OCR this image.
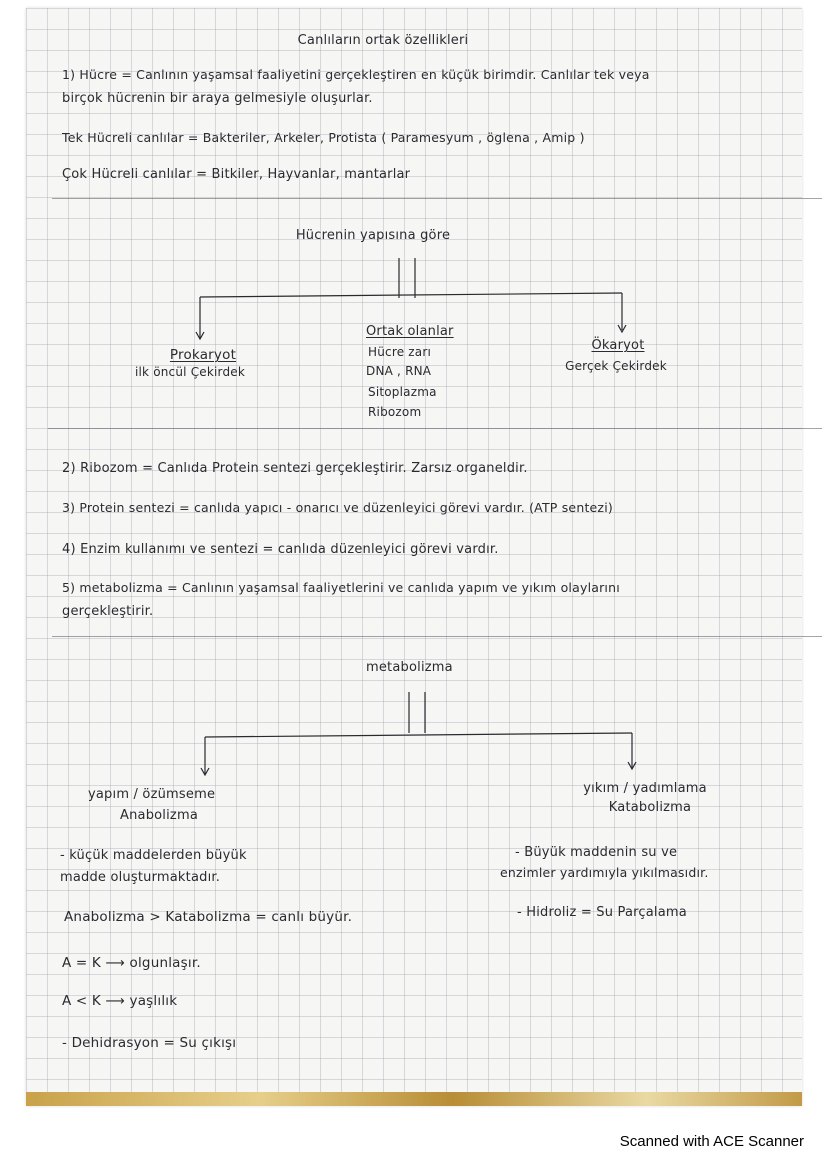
Canlıların ortak özellikleri
1) Hücre = Canlının yaşamsal faaliyetini gerçekleştiren en küçük birimdir. Canlılar tek veya
birçok hücrenin bir araya gelmesiyle oluşurlar.
Tek Hücreli canlılar = Bakteriler, Arkeler, Protista ( Paramesyum , öglena , Amip )
Çok Hücreli canlılar = Bitkiler, Hayvanlar, mantarlar
Hücrenin yapısına göre
Prokaryot
ilk öncül Çekirdek
Ortak olanlar
Hücre zarı
DNA , RNA
Sitoplazma
Ribozom
Ökaryot
Gerçek Çekirdek
2) Ribozom = Canlıda Protein sentezi gerçekleştirir. Zarsız organeldir.
3) Protein sentezi = canlıda yapıcı - onarıcı ve düzenleyici görevi vardır. (ATP sentezi)
4) Enzim kullanımı ve sentezi = canlıda düzenleyici görevi vardır.
5) metabolizma = Canlının yaşamsal faaliyetlerini ve canlıda yapım ve yıkım olaylarını
gerçekleştirir.
metabolizma
yapım / özümseme
Anabolizma
yıkım / yadımlama
Katabolizma
- küçük maddelerden büyük
madde oluşturmaktadır.
Anabolizma > Katabolizma = canlı büyür.
A = K ⟶ olgunlaşır.
A < K ⟶ yaşlılık
- Dehidrasyon = Su çıkışı
- Büyük maddenin su ve
enzimler yardımıyla yıkılmasıdır.
- Hidroliz = Su Parçalama
Scanned with ACE Scanner
